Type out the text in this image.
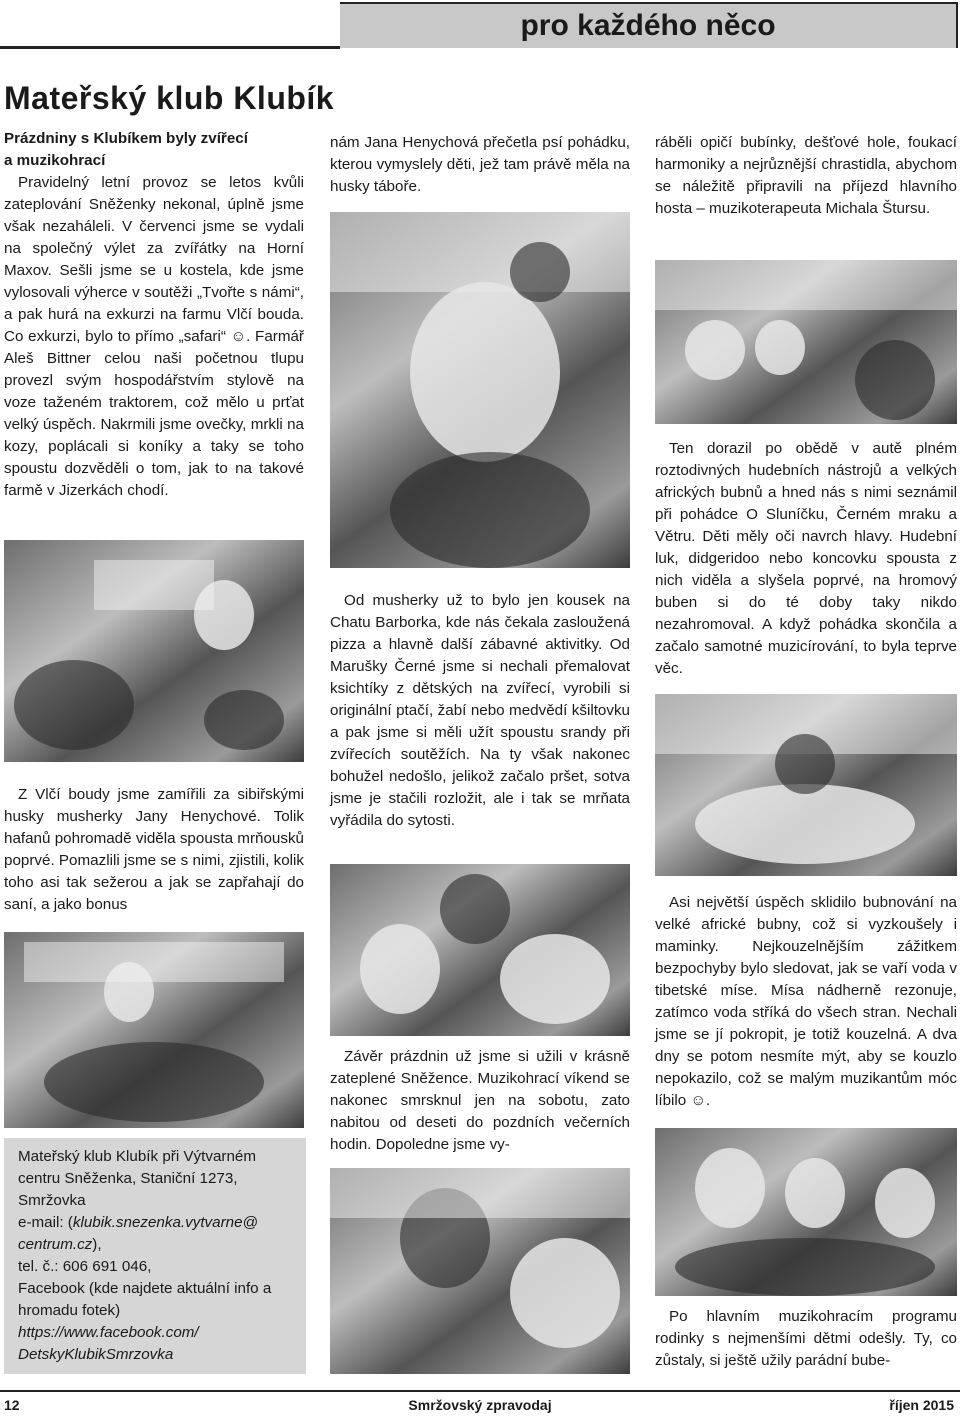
pro každého něco
Mateřský klub Klubík

Prázdniny s Klubíkem byly zvířecí

a muzikohrací

Pravidelný letní provoz se letos kvůli zateplování Sněženky nekonal, úplně jsme však nezaháleli. V červenci jsme se vydali na společný výlet za zvířátky na Horní Maxov. Sešli jsme se u kostela, kde jsme vylosovali výherce v soutěži „Tvořte s námi“, a pak hurá na exkurzi na farmu Vlčí bouda. Co exkurzi, bylo to přímo „safari“ ☺. Farmář Aleš Bittner celou naši početnou tlupu provezl svým hospodářstvím stylově na voze taženém traktorem, což mělo u prťat velký úspěch. Nakrmili jsme ovečky, mrkli na kozy, poplácali si koníky a taky se toho spoustu dozvěděli o tom, jak to na takové farmě v Jizerkách chodí.

Z Vlčí boudy jsme zamířili za sibiřskými husky musherky Jany Henychové. Tolik hafanů pohromadě viděla spousta mrňousků poprvé. Pomazlili jsme se s nimi, zjistili, kolik toho asi tak sežerou a jak se zapřahají do saní, a jako bonus

Mateřský klub Klubík při Výtvarném centru Sněženka, Staniční 1273, Smržovka

e-mail: (klubik.snezenka.vytvarne@ centrum.cz),

tel. č.: 606 691 046,

Facebook (kde najdete aktuální info a hromadu fotek)

https://www.facebook.com/ DetskyKlubikSmrzovka

nám Jana Henychová přečetla psí pohádku, kterou vymyslely děti, jež tam právě měla na husky táboře.

Od musherky už to bylo jen kousek na Chatu Barborka, kde nás čekala zasloužená pizza a hlavně další zábavné aktivitky. Od Marušky Černé jsme si nechali přemalovat ksichtíky z dětských na zvířecí, vyrobili si originální ptačí, žabí nebo medvědí kšiltovku a pak jsme si měli užít spoustu srandy při zvířecích soutěžích. Na ty však nakonec bohužel nedošlo, jelikož začalo pršet, sotva jsme je stačili rozložit, ale i tak se mrňata vyřádila do sytosti.

Závěr prázdnin už jsme si užili v krásně zateplené Sněžence. Muzikohrací víkend se nakonec smrsknul jen na sobotu, zato nabitou od deseti do pozdních večerních hodin. Dopoledne jsme vy-

ráběli opičí bubínky, dešťové hole, foukací harmoniky a nejrůznější chrastidla, abychom se náležitě připravili na příjezd hlavního hosta – muzikoterapeuta Michala Štursu.

Ten dorazil po obědě v autě plném roztodivných hudebních nástrojů a velkých afrických bubnů a hned nás s nimi seznámil při pohádce O Sluníčku, Černém mraku a Větru. Děti měly oči navrch hlavy. Hudební luk, didgeridoo nebo koncovku spousta z nich viděla a slyšela poprvé, na hromový buben si do té doby taky nikdo nezahromoval. A když pohádka skončila a začalo samotné muzicírování, to byla teprve věc.

Asi největší úspěch sklidilo bubnování na velké africké bubny, což si vyzkoušely i maminky. Nejkouzelnějším zážitkem bezpochyby bylo sledovat, jak se vaří voda v tibetské míse. Mísa nádherně rezonuje, zatímco voda stříká do všech stran. Nechali jsme se jí pokropit, je totiž kouzelná. A dva dny se potom nesmíte mýt, aby se kouzlo nepokazilo, což se malým muzikantům móc líbilo ☺.

Po hlavním muzikohracím programu rodinky s nejmenšími dětmi odešly. Ty, co zůstaly, si ještě užily parádní bube-

12	Smržovský zpravodaj	říjen 2015
